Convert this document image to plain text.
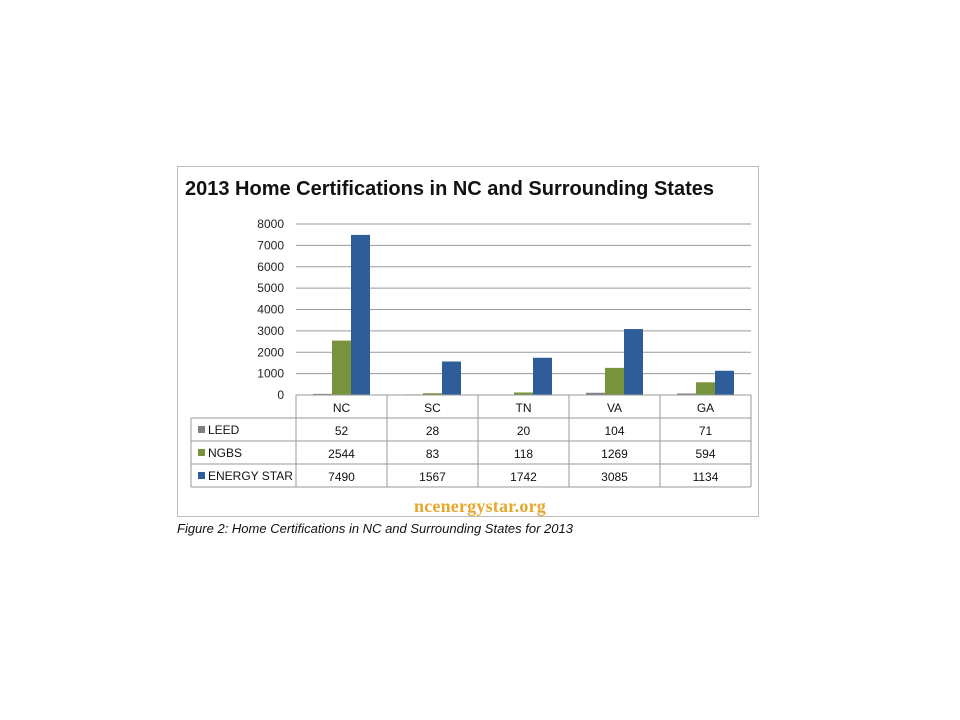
2013 Home Certifications in NC and Surrounding States
0
1000
2000
3000
4000
5000
6000
7000
8000
NC	SC	TN	VA	GA
LEED	52	28	20	104	71
NGBS	2544	83	118	1269	594
ENERGY STAR	7490	1567	1742	3085	1134
ncenergystar.org
Figure 2: Home Certifications in NC and Surrounding States for 2013
